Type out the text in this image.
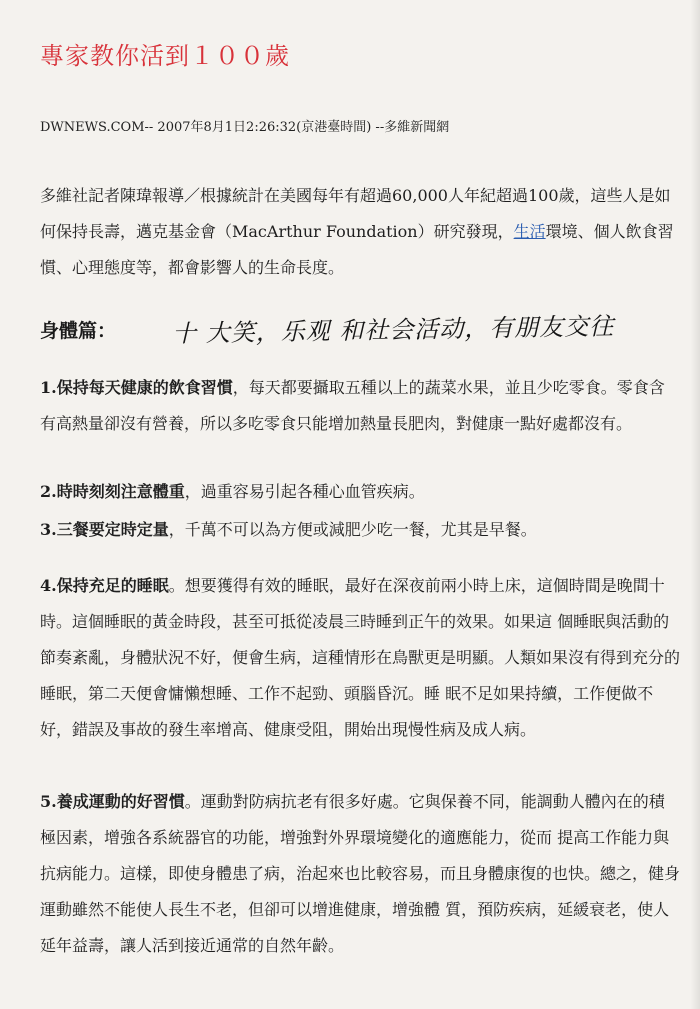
專家教你活到１００歲
DWNEWS.COM-- 2007年8月1日2:26:32(京港臺時間) --多維新聞網
多維社記者陳瑋報導／根據統計在美國每年有超過60,000人年紀超過100歲，這些人是如何保持長壽，邁克基金會（MacArthur Foundation）研究發現，生活環境、個人飲食習慣、心理態度等，都會影響人的生命長度。
身體篇： 十 大笑，乐观 和社会活动，有朋友交往
1.保持每天健康的飲食習慣，每天都要攝取五種以上的蔬菜水果，並且少吃零食。零食含有高熱量卻沒有營養，所以多吃零食只能增加熱量長肥肉，對健康一點好處都沒有。
2.時時刻刻注意體重，過重容易引起各種心血管疾病。
3.三餐要定時定量，千萬不可以為方便或減肥少吃一餐，尤其是早餐。
4.保持充足的睡眠。想要獲得有效的睡眠，最好在深夜前兩小時上床，這個時間是晚間十時。這個睡眠的黃金時段，甚至可抵從凌晨三時睡到正午的效果。如果這 個睡眠與活動的節奏紊亂，身體狀況不好，便會生病，這種情形在鳥獸更是明顯。人類如果沒有得到充分的睡眠，第二天便會慵懶想睡、工作不起勁、頭腦昏沉。睡 眠不足如果持續，工作便做不好，錯誤及事故的發生率增高、健康受阻，開始出現慢性病及成人病。
5.養成運動的好習慣。運動對防病抗老有很多好處。它與保養不同，能調動人體內在的積極因素，增強各系統器官的功能，增強對外界環境變化的適應能力，從而 提高工作能力與抗病能力。這樣，即使身體患了病，治起來也比較容易，而且身體康復的也快。總之，健身運動雖然不能使人長生不老，但卻可以增進健康，增強體 質，預防疾病，延緩衰老，使人延年益壽，讓人活到接近通常的自然年齡。
